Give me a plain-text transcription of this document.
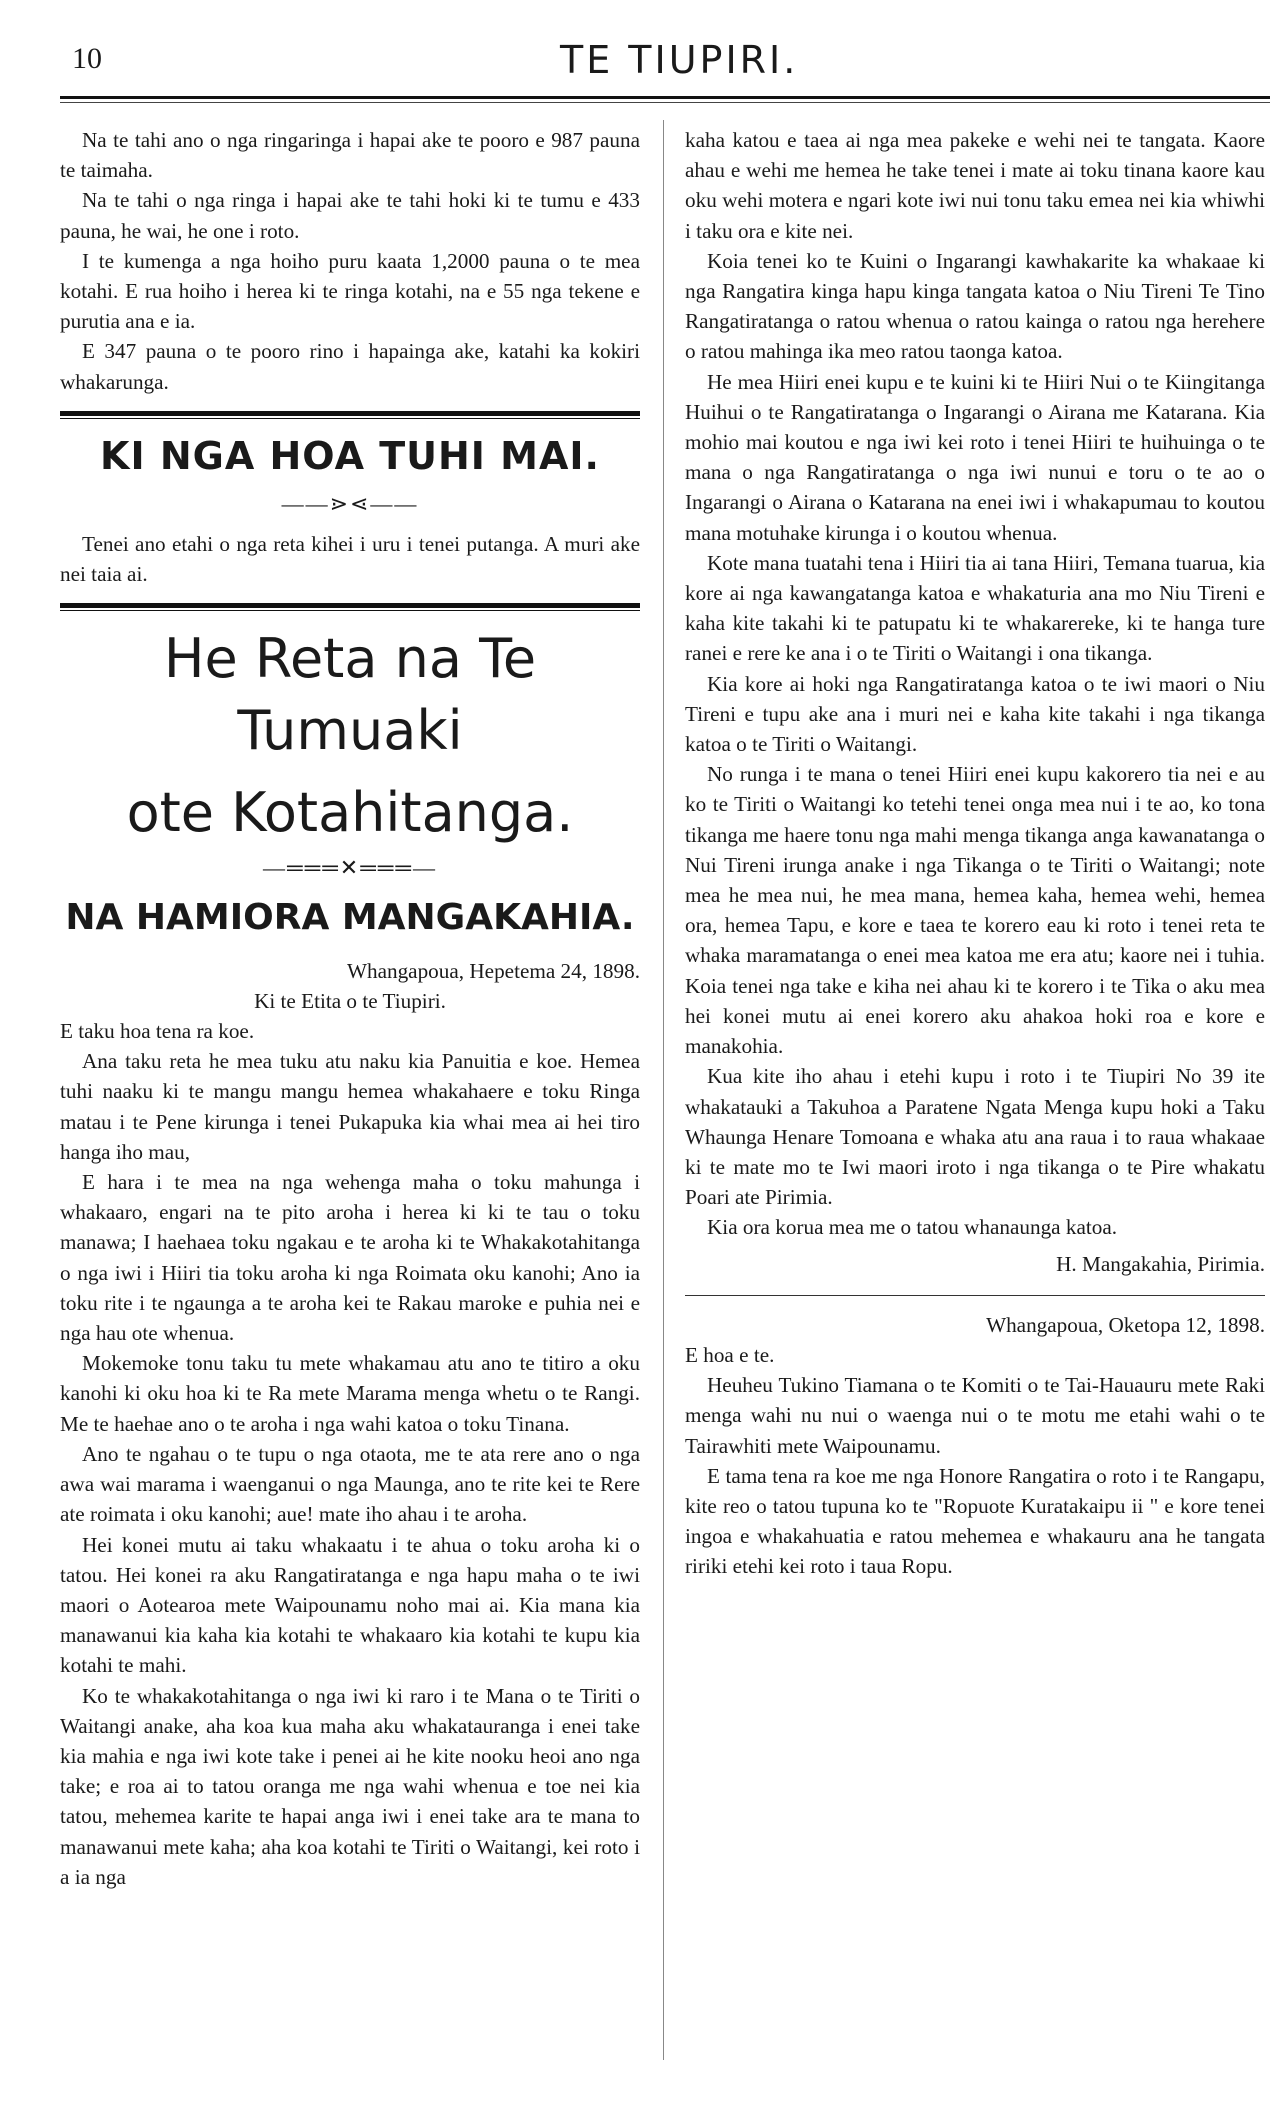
10	TE TIUPIRI.

Na te tahi ano o nga ringaringa i hapai ake te pooro e 987 pauna te taimaha.

Na te tahi o nga ringa i hapai ake te tahi hoki ki te tumu e 433 pauna, he wai, he one i roto.

I te kumenga a nga hoiho puru kaata 1,2000 pauna o te mea kotahi. E rua hoiho i herea ki te ringa kotahi, na e 55 nga tekene e purutia ana e ia.

E 347 pauna o te pooro rino i hapainga ake, katahi ka kokiri whakarunga.

KI NGA HOA TUHI MAI.
——⋗⋖——

Tenei ano etahi o nga reta kihei i uru i tenei putanga. A muri ake nei taia ai.

He Reta na Te Tumuaki
ote Kotahitanga.
—═══✕═══—
NA HAMIORA MANGAKAHIA.

Whangapoua, Hepetema 24, 1898.

Ki te Etita o te Tiupiri.

E taku hoa tena ra koe.

Ana taku reta he mea tuku atu naku kia Panuitia e koe. Hemea tuhi naaku ki te mangu mangu hemea whakahaere e toku Ringa matau i te Pene kirunga i tenei Pukapuka kia whai mea ai hei tiro hanga iho mau,

E hara i te mea na nga wehenga maha o toku mahunga i whakaaro, engari na te pito aroha i herea ki ki te tau o toku manawa; I haehaea toku ngakau e te aroha ki te Whakakotahitanga o nga iwi i Hiiri tia toku aroha ki nga Roimata oku kanohi; Ano ia toku rite i te ngaunga a te aroha kei te Rakau maroke e puhia nei e nga hau ote whenua.

Mokemoke tonu taku tu mete whakamau atu ano te titiro a oku kanohi ki oku hoa ki te Ra mete Marama menga whetu o te Rangi. Me te haehae ano o te aroha i nga wahi katoa o toku Tinana.

Ano te ngahau o te tupu o nga otaota, me te ata rere ano o nga awa wai marama i waenganui o nga Maunga, ano te rite kei te Rere ate roimata i oku kanohi; aue! mate iho ahau i te aroha.

Hei konei mutu ai taku whakaatu i te ahua o toku aroha ki o tatou. Hei konei ra aku Rangatiratanga e nga hapu maha o te iwi maori o Aotearoa mete Waipounamu noho mai ai. Kia mana kia manawanui kia kaha kia kotahi te whakaaro kia kotahi te kupu kia kotahi te mahi.

Ko te whakakotahitanga o nga iwi ki raro i te Mana o te Tiriti o Waitangi anake, aha koa kua maha aku whakatauranga i enei take kia mahia e nga iwi kote take i penei ai he kite nooku heoi ano nga take; e roa ai to tatou oranga me nga wahi whenua e toe nei kia tatou, mehemea karite te hapai anga iwi i enei take ara te mana to manawanui mete kaha; aha koa kotahi te Tiriti o Waitangi, kei roto i a ia nga

kaha katou e taea ai nga mea pakeke e wehi nei te tangata. Kaore ahau e wehi me hemea he take tenei i mate ai toku tinana kaore kau oku wehi motera e ngari kote iwi nui tonu taku emea nei kia whiwhi i taku ora e kite nei.

Koia tenei ko te Kuini o Ingarangi kawhakarite ka whakaae ki nga Rangatira kinga hapu kinga tangata katoa o Niu Tireni Te Tino Rangatiratanga o ratou whenua o ratou kainga o ratou nga herehere o ratou mahinga ika meo ratou taonga katoa.

He mea Hiiri enei kupu e te kuini ki te Hiiri Nui o te Kiingitanga Huihui o te Rangatiratanga o Ingarangi o Airana me Katarana. Kia mohio mai koutou e nga iwi kei roto i tenei Hiiri te huihuinga o te mana o nga Rangatiratanga o nga iwi nunui e toru o te ao o Ingarangi o Airana o Katarana na enei iwi i whakapumau to koutou mana motuhake kirunga i o koutou whenua.

Kote mana tuatahi tena i Hiiri tia ai tana Hiiri, Temana tuarua, kia kore ai nga kawangatanga katoa e whakaturia ana mo Niu Tireni e kaha kite takahi ki te patupatu ki te whakarereke, ki te hanga ture ranei e rere ke ana i o te Tiriti o Waitangi i ona tikanga.

Kia kore ai hoki nga Rangatiratanga katoa o te iwi maori o Niu Tireni e tupu ake ana i muri nei e kaha kite takahi i nga tikanga katoa o te Tiriti o Waitangi.

No runga i te mana o tenei Hiiri enei kupu kakorero tia nei e au ko te Tiriti o Waitangi ko tetehi tenei onga mea nui i te ao, ko tona tikanga me haere tonu nga mahi menga tikanga anga kawanatanga o Nui Tireni irunga anake i nga Tikanga o te Tiriti o Waitangi; note mea he mea nui, he mea mana, hemea kaha, hemea wehi, hemea ora, hemea Tapu, e kore e taea te korero eau ki roto i tenei reta te whaka maramatanga o enei mea katoa me era atu; kaore nei i tuhia. Koia tenei nga take e kiha nei ahau ki te korero i te Tika o aku mea hei konei mutu ai enei korero aku ahakoa hoki roa e kore e manakohia.

Kua kite iho ahau i etehi kupu i roto i te Tiupiri No 39 ite whakatauki a Takuhoa a Paratene Ngata Menga kupu hoki a Taku Whaunga Henare Tomoana e whaka atu ana raua i to raua whakaae ki te mate mo te Iwi maori iroto i nga tikanga o te Pire whakatu Poari ate Pirimia.

Kia ora korua mea me o tatou whanaunga katoa.

H. Mangakahia, Pirimia.

Whangapoua, Oketopa 12, 1898.

E hoa e te.

Heuheu Tukino Tiamana o te Komiti o te Tai-Hauauru mete Raki menga wahi nu nui o waenga nui o te motu me etahi wahi o te Tairawhiti mete Waipounamu.

E tama tena ra koe me nga Honore Rangatira o roto i te Rangapu, kite reo o tatou tupuna ko te "Ropuote Kuratakaipu ii " e kore tenei ingoa e whakahuatia e ratou mehemea e whakauru ana he tangata ririki etehi kei roto i taua Ropu.
